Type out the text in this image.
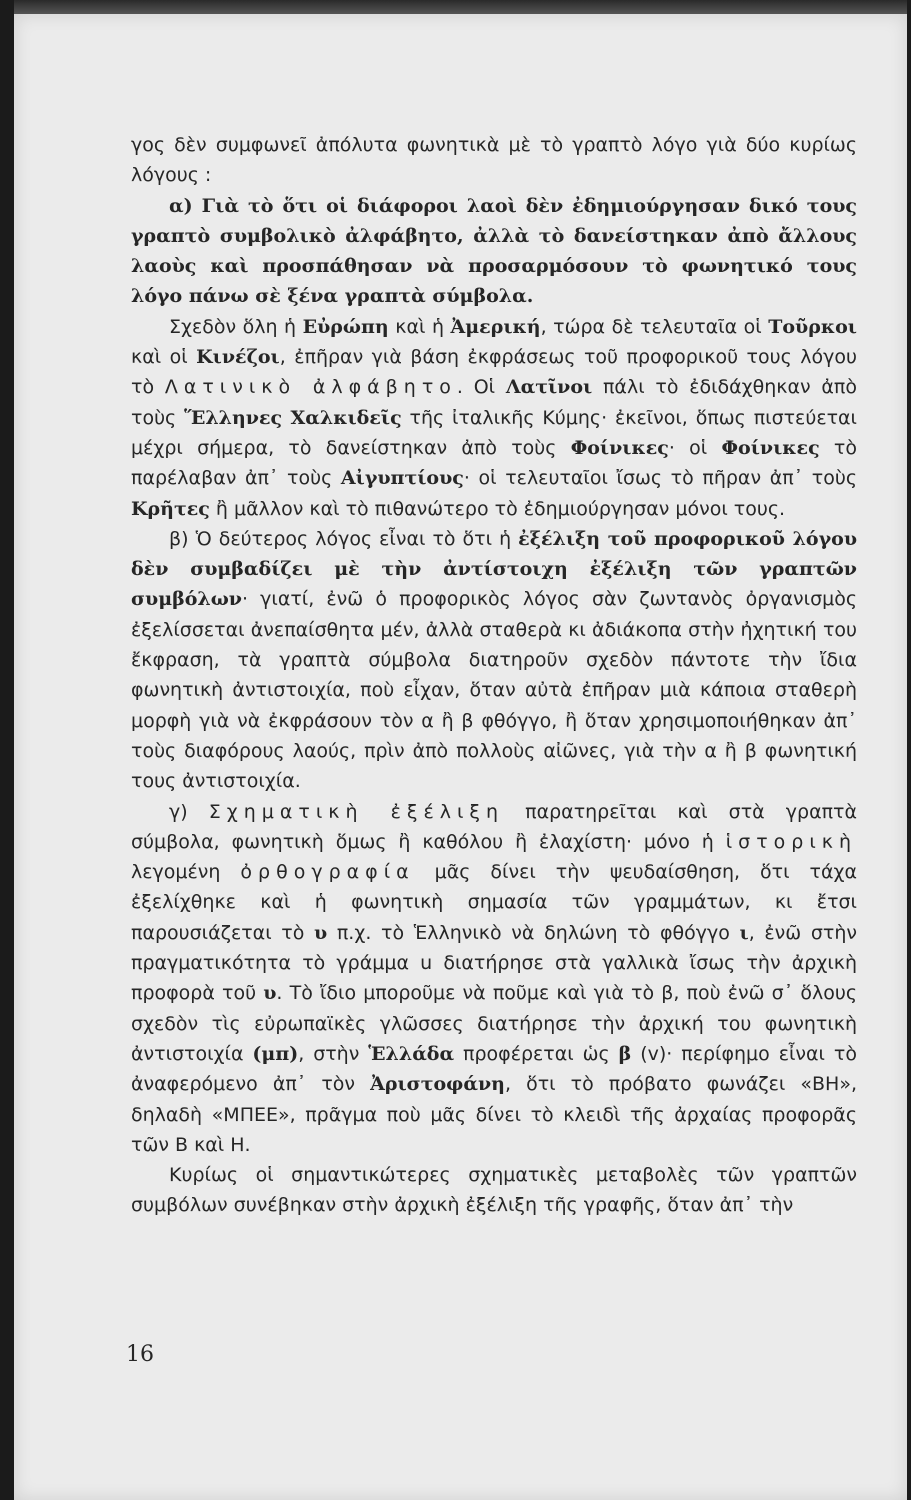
γος δὲν συμφωνεῖ ἀπόλυτα φωνητικὰ μὲ τὸ γραπτὸ λόγο γιὰ δύο κυρίως λόγους :

α) Γιὰ τὸ ὅτι οἱ διάφοροι λαοὶ δὲν ἐδημιούργησαν δικό τους γραπτὸ συμβολικὸ ἀλφάβητο, ἀλλὰ τὸ δανείστηκαν ἀπὸ ἄλλους λαοὺς καὶ προσπάθησαν νὰ προσαρμόσουν τὸ φωνητικό τους λόγο πάνω σὲ ξένα γραπτὰ σύμβολα.

Σχεδὸν ὅλη ἡ Εὐρώπη καὶ ἡ Ἀμερική, τώρα δὲ τελευταῖα οἱ Τοῦρκοι καὶ οἱ Κινέζοι, ἐπῆραν γιὰ βάση ἐκφράσεως τοῦ προφορικοῦ τους λόγου τὸ Λατινικὸ ἀλφάβητο. Οἱ Λατῖνοι πάλι τὸ ἐδιδάχθηκαν ἀπὸ τοὺς Ἕλληνες Χαλκιδεῖς τῆς ἰταλικῆς Κύμης· ἐκεῖνοι, ὅπως πιστεύεται μέχρι σήμερα, τὸ δανείστηκαν ἀπὸ τοὺς Φοίνικες· οἱ Φοίνικες τὸ παρέλαβαν ἀπ᾽ τοὺς Αἰγυπτίους· οἱ τελευταῖοι ἴσως τὸ πῆραν ἀπ᾽ τοὺς Κρῆτες ἢ μᾶλλον καὶ τὸ πιθανώτερο τὸ ἐδημιούργησαν μόνοι τους.

β) Ὁ δεύτερος λόγος εἶναι τὸ ὅτι ἡ ἐξέλιξη τοῦ προφορικοῦ λόγου δὲν συμβαδίζει μὲ τὴν ἀντίστοιχη ἐξέλιξη τῶν γραπτῶν συμβόλων· γιατί, ἐνῶ ὁ προφορικὸς λόγος σὰν ζωντανὸς ὀργανισμὸς ἐξελίσσεται ἀνεπαίσθητα μέν, ἀλλὰ σταθερὰ κι ἀδιάκοπα στὴν ἠχητική του ἔκφραση, τὰ γραπτὰ σύμβολα διατηροῦν σχεδὸν πάντοτε τὴν ἴδια φωνητικὴ ἀντιστοιχία, ποὺ εἶχαν, ὅταν αὐτὰ ἐπῆραν μιὰ κάποια σταθερὴ μορφὴ γιὰ νὰ ἐκφράσουν τὸν α ἢ β φθόγγο, ἢ ὅταν χρησιμοποιήθηκαν ἀπ᾽ τοὺς διαφόρους λαούς, πρὶν ἀπὸ πολλοὺς αἰῶνες, γιὰ τὴν α ἢ β φωνητική τους ἀντιστοιχία.

γ) Σχηματικὴ ἐξέλιξη παρατηρεῖται καὶ στὰ γραπτὰ σύμβολα, φωνητικὴ ὅμως ἢ καθόλου ἢ ἐλαχίστη· μόνο ἡ ἱστορικὴ λεγομένη ὀρθογραφία μᾶς δίνει τὴν ψευδαίσθηση, ὅτι τάχα ἐξελίχθηκε καὶ ἡ φωνητικὴ σημασία τῶν γραμμάτων, κι ἔτσι παρουσιάζεται τὸ υ π.χ. τὸ Ἑλληνικὸ νὰ δηλώνη τὸ φθόγγο ι, ἐνῶ στὴν πραγματικότητα τὸ γράμμα u διατήρησε στὰ γαλλικὰ ἴσως τὴν ἀρχικὴ προφορὰ τοῦ υ. Τὸ ἴδιο μποροῦμε νὰ ποῦμε καὶ γιὰ τὸ β, ποὺ ἐνῶ σ᾽ ὅλους σχεδὸν τὶς εὐρωπαϊκὲς γλῶσσες διατήρησε τὴν ἀρχική του φωνητικὴ ἀντιστοιχία (μπ), στὴν Ἑλλάδα προφέρεται ὡς β (v)· περίφημο εἶναι τὸ ἀναφερόμενο ἀπ᾽ τὸν Ἀριστοφάνη, ὅτι τὸ πρόβατο φωνάζει «ΒΗ», δηλαδὴ «ΜΠΕΕ», πρᾶγμα ποὺ μᾶς δίνει τὸ κλειδὶ τῆς ἀρχαίας προφορᾶς τῶν Β καὶ Η.

Κυρίως οἱ σημαντικώτερες σχηματικὲς μεταβολὲς τῶν γραπτῶν συμβόλων συνέβηκαν στὴν ἀρχικὴ ἐξέλιξη τῆς γραφῆς, ὅταν ἀπ᾽ τὴν

16
